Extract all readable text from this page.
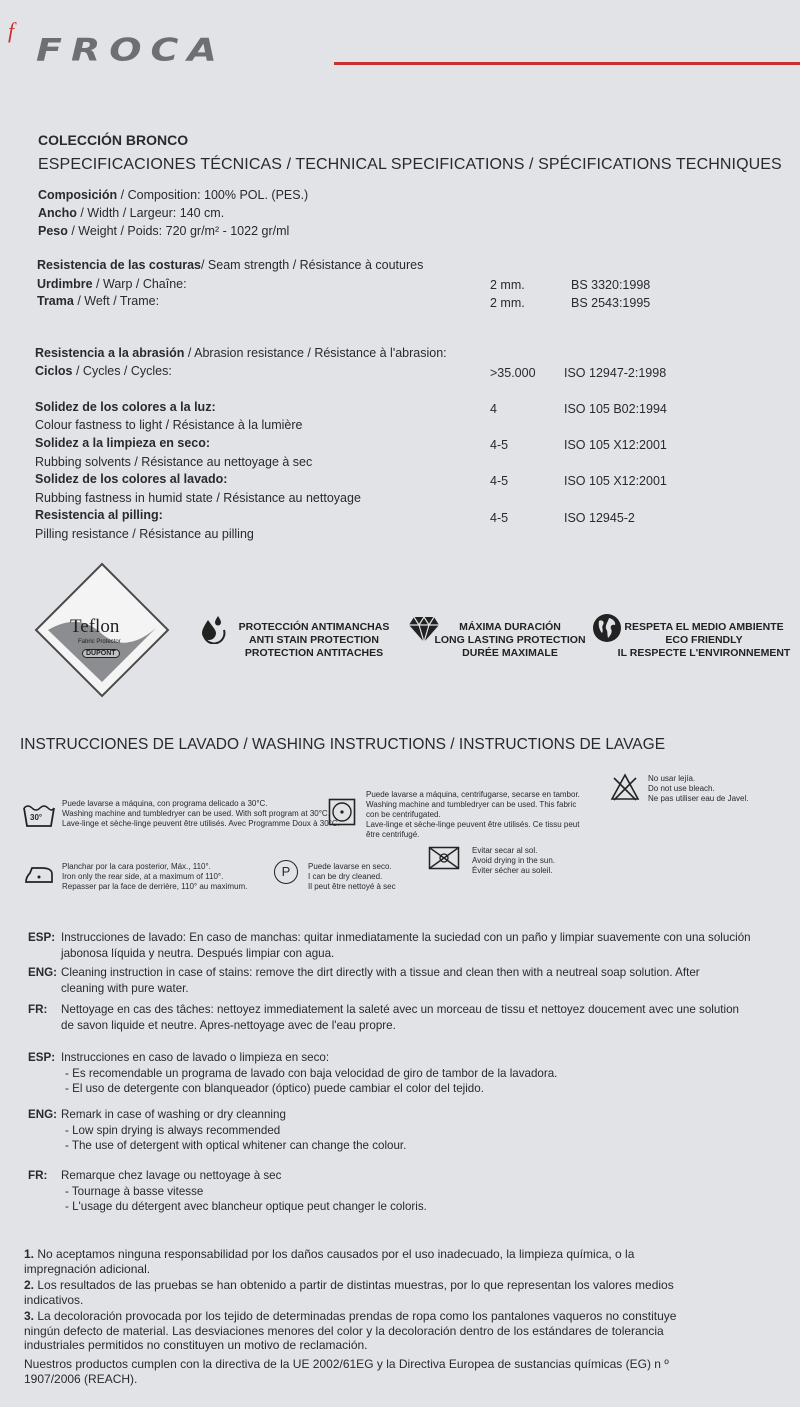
f
FROCA
COLECCIÓN BRONCO
ESPECIFICACIONES TÉCNICAS / TECHNICAL SPECIFICATIONS / SPÉCIFICATIONS TECHNIQUES
Composición / Composition: 100% POL. (PES.)
Ancho / Width / Largeur: 140 cm.
Peso / Weight / Poids: 720 gr/m² - 1022 gr/ml
Resistencia de las costuras/ Seam strength / Résistance à coutures
Urdimbre / Warp / Chaîne:	2 mm.	BS 3320:1998
Trama / Weft / Trame:	2 mm.	BS 2543:1995
Resistencia a la abrasión / Abrasion resistance / Résistance à l'abrasion:
Ciclos / Cycles / Cycles:	>35.000 ISO 12947-2:1998
Solidez de los colores a la luz:
Colour fastness to light / Résistance à la lumière
4	ISO 105 B02:1994
Solidez a la limpieza en seco:
Rubbing solvents / Résistance au nettoyage à sec
4-5	ISO 105 X12:2001
Solidez de los colores al lavado:
Rubbing fastness in humid state / Résistance au nettoyage
4-5	ISO 105 X12:2001
Resistencia al pilling:
Pilling resistance / Résistance au pilling
4-5	ISO 12945-2
Teflon
Fabric Protector
DUPONT
PROTECCIÓN ANTIMANCHAS
ANTI STAIN PROTECTION
PROTECTION ANTITACHES
MÁXIMA DURACIÓN
LONG LASTING PROTECTION
DURÉE MAXIMALE
RESPETA EL MEDIO AMBIENTE
ECO FRIENDLY
IL RESPECTE L'ENVIRONNEMENT
INSTRUCCIONES DE LAVADO / WASHING INSTRUCTIONS / INSTRUCTIONS DE LAVAGE
30°
Puede lavarse a máquina, con programa delicado a 30°C.
Washing machine and tumbledryer can be used. With soft program at 30°C.
Lave-linge et sèche-linge peuvent être utilisés. Avec Programme Doux à 30°C.
Puede lavarse a máquina, centrifugarse, secarse en tambor.
Washing machine and tumbledryer can be used. This fabric
con be centrifugated.
Lave-linge et sèche-linge peuvent être utilisés. Ce tissu peut
être centrifugé.
No usar lejía.
Do not use bleach.
Ne pas utiliser eau de Javel.
Planchar por la cara posterior, Máx., 110°.
Iron only the rear side, at a maximum of 110°.
Repasser par la face de derrière, 110° au maximum.
P	Puede lavarse en seco.
I can be dry cleaned.
Il peut être nettoyé à sec
Evitar secar al sol.
Avoid drying in the sun.
Éviter sécher au soleil.
ESP: Instrucciones de lavado: En caso de manchas: quitar inmediatamente la suciedad con un paño y limpiar suavemente con una solución
jabonosa líquida y neutra. Después limpiar con agua.
ENG: Cleaning instruction in case of stains: remove the dirt directly with a tissue and clean then with a neutreal soap solution. After
cleaning with pure water.
FR: Nettoyage en cas des tâches: nettoyez immediatement la saleté avec un morceau de tissu et nettoyez doucement avec une solution
de savon liquide et neutre. Apres-nettoyage avec de l'eau propre.
ESP: Instrucciones en caso de lavado o limpieza en seco:
- Es recomendable un programa de lavado con baja velocidad de giro de tambor de la lavadora.
- El uso de detergente con blanqueador (óptico) puede cambiar el color del tejido.
ENG: Remark in case of washing or dry cleanning
- Low spin drying is always recommended
- The use of detergent with optical whitener can change the colour.
FR: Remarque chez lavage ou nettoyage à sec
- Tournage à basse vitesse
- L'usage du détergent avec blancheur optique peut changer le coloris.
1. No aceptamos ninguna responsabilidad por los daños causados por el uso inadecuado, la limpieza química, o la impregnación adicional.
2. Los resultados de las pruebas se han obtenido a partir de distintas muestras, por lo que representan los valores medios indicativos.
3. La decoloración provocada por los tejido de determinadas prendas de ropa como los pantalones vaqueros no constituye ningún defecto de material. Las desviaciones menores del color y la decoloración dentro de los estándares de tolerancia industriales permitidos no constituyen un motivo de reclamación.
Nuestros productos cumplen con la directiva de la UE 2002/61EG y la Directiva Europea de sustancias químicas (EG) n º 1907/2006 (REACH).
